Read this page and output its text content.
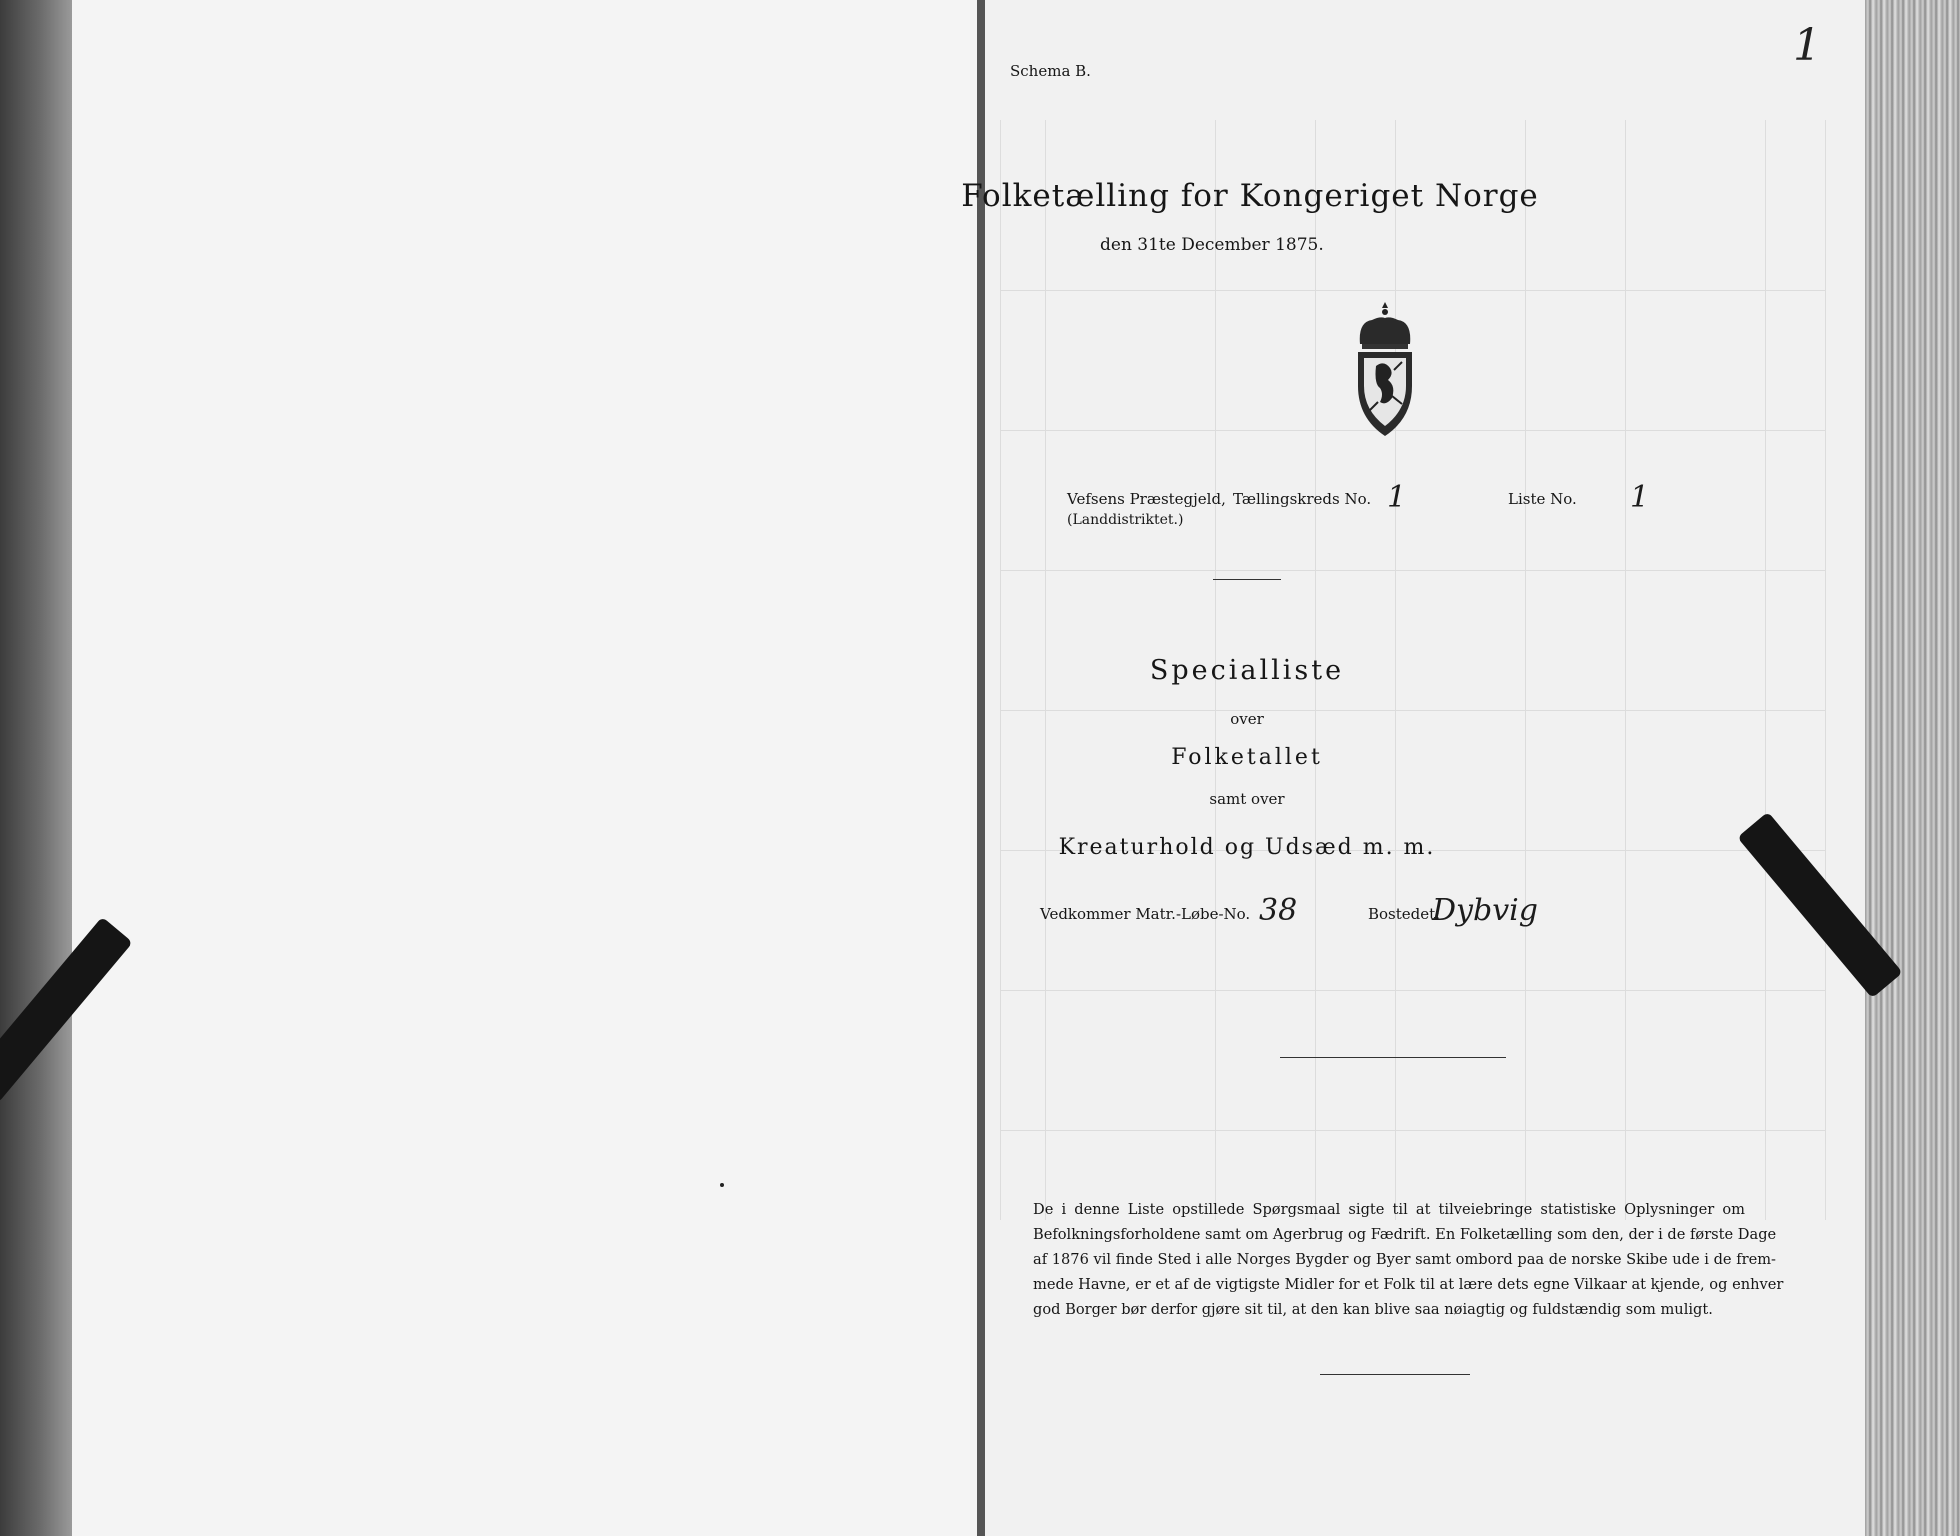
Schema B.	1
Folketælling for Kongeriget Norge
den 31te December 1875.
Vefsens Præstegjeld,
(Landdistriktet.)
Tællingskreds No. 1	Liste No. 1
Specialliste
over
Folketallet
samt over
Kreaturhold og Udsæd m. m.
Vedkommer Matr.-Løbe-No. 38	Bostedet:
Dybvig
De i denne Liste opstillede Spørgsmaal sigte til at tilveiebringe statistiske Oplysninger om
Befolkningsforholdene samt om Agerbrug og Fædrift. En Folketælling som den, der i de første Dage
af 1876 vil finde Sted i alle Norges Bygder og Byer samt ombord paa de norske Skibe ude i de frem-
mede Havne, er et af de vigtigste Midler for et Folk til at lære dets egne Vilkaar at kjende, og enhver
god Borger bør derfor gjøre sit til, at den kan blive saa nøiagtig og fuldstændig som muligt.
